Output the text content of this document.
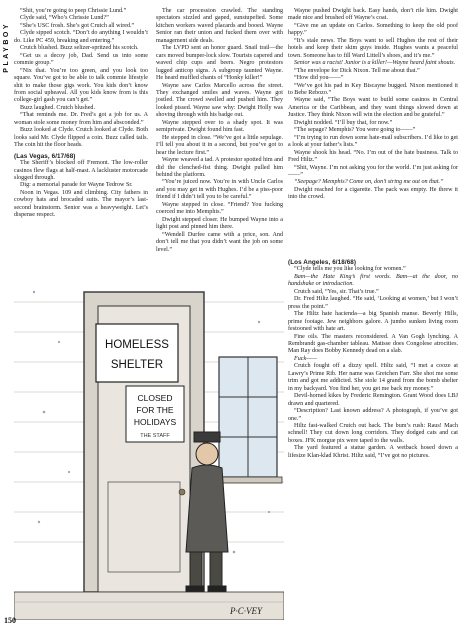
PLAYBOY

“Shit, you’re going to peep Chrissie Lund.”

Clyde said, “Who’s Chrissie Lund?”

“She’s USC frosh. She’s got Crutch all wired.”

Clyde sipped scotch. “Don’t do anything I wouldn’t do. Like PC 459, breaking and entering.”

Crutch blushed. Buzz seltzer-spritzed his scotch.

“Get us a decoy job, Dad. Send us into some commie group.”

“Nix that. You’re too green, and you look too square. You’ve got to be able to talk commie lifestyle shit to make those gigs work. You kids don’t know from social upheaval. All you kids know from is this college-girl gash you can’t get.”

Buzz laughed. Crutch blushed.

“That reminds me. Dr. Fred’s got a job for us. A woman stole some money from him and absconded.”

Buzz looked at Clyde. Crutch looked at Clyde. Both looks said Mr. Clyde flipped a coin. Buzz called tails. The coin hit the floor heads.

(Las Vegas, 6/17/68)

The Sheriff’s blocked off Fremont. The low-roller casinos flew flags at half-mast. A lackluster motorcade slogged through.

Dig: a memorial parade for Wayne Tedrow Sr.

Noon in Vegas. 109 and climbing. City fathers in cowboy hats and brocaded suits. The mayor’s last-second brainstorm. Senior was a heavyweight. Let’s dispense respect.

The car procession crawled. The standing spectators sizzled and gaped, sunstupefied. Some kitchen workers waved placards and booed. Wayne Senior ran their union and fucked them over with management side deals.

The LVPD sent an honor guard. Snail trail—the cars moved bumper-lock slow. Tourists capered and waved chip cups and beers. Negro protestors lugged anticop signs. A subgroup taunted Wayne. He heard muffled chants of “Honky killer!”

Wayne saw Carlos Marcello across the street. They exchanged smiles and waves. Wayne got jostled. The crowd swelled and pushed him. They looked pissed. Wayne saw why: Dwight Holly was shoving through with his badge out.

Wayne stepped over to a shady spot. It was semiprivate. Dwight found him fast.

He stepped in close. “We’ve got a little sepulage. I’ll tell you about it in a second, but you’ve got to hear the lecture first.”

Wayne weaved a tad. A protestor spotted him and did the clenched-fist thing. Dwight pulled him behind the platform.

“You’re juiced now. You’re in with Uncle Carlos and you may get in with Hughes. I’d be a piss-poor friend if I didn’t tell you to be careful.”

Wayne stepped in close. “Friend? You fucking coerced me into Memphis.”

Dwight stepped closer. He bumped Wayne into a light post and pinned him there.

“Wendell Durfee came with a price, son. And don’t tell me that you didn’t want the job on some level.”

Wayne pushed Dwight back. Easy hands, don’t rile him. Dwight made nice and brushed off Wayne’s coat.

“Give me an update on Carlos. Something to keep the old poof happy.”

“It’s stale news. The Boys want to sell Hughes the rest of their hotels and keep their skim guys inside. Hughes wants a peaceful town. Someone has to fill Ward Littell’s shoes, and it’s me.”

Senior was a racist! Junior is a killer!—Wayne heard faint shouts.

“The envelope for Dick Nixon. Tell me about that.”

“How did you——”

“We’ve got his pad in Key Biscayne bugged. Nixon mentioned it to Bebe Rebozo.”

Wayne said, “The Boys want to build some casinos in Central America or the Caribbean, and they want things slowed down at Justice. They think Nixon will win the election and be grateful.”

Dwight nodded. “I’ll buy that, for now.”

“The sepage? Memphis? You were going to——”

“I’m trying to run down some hate-mail subscribers. I’d like to get a look at your father’s lists.”

Wayne shook his head. “No. I’m out of the hate business. Talk to Fred Hiltz.”

“Shit, Wayne. I’m not asking you for the world. I’m just asking for——”

“Seepage? Memphis? Come on, don’t string me out on that.”

Dwight reached for a cigarette. The pack was empty. He threw it into the crowd.

(Los Angeles, 6/18/68)

“Clyde tells me you like looking for women.”

Bam—the Hate King’s first words. Bam—at the door, no handshake or introduction.

Crutch said, “Yes, sir. That’s true.”

Dr. Fred Hiltz laughed. “He said, ‘Looking at women,’ but I won’t press the point.”

The Hiltz hate hacienda—a big Spanish manse. Beverly Hills, prime footage. Jew neighbors galore. A jumbo sunken living room festooned with hate art.

Fine oils. The masters reconsidered. A Van Gogh lynching. A Rembrandt gas-chamber tableau. Matisse does Congolese atrocities. Man Ray does Bobby Kennedy dead on a slab.

Fuck——

Crutch fought off a dizzy spell. Hiltz said, “I met a cooze at Lawry’s Prime Rib. Her name was Gretchen Farr. She shot me some trim and got me addicted. She stole 14 grand from the bomb shelter in my backyard. You find her, you get me back my money.”

Devil-horned kikes by Frederic Remington. Grant Wood does LBJ drawn and quartered.

“Description? Last known address? A photograph, if you’ve got one.”

Hiltz fast-walked Crutch out back. The bum’s rush: Raus! Mach schnell! They cut down long corridors. They dodged cats and cat boxes. JFK morgue pix were taped to the walls.

The yard featured a statue garden. A wetback hosed down a lifesize Klan-klad Khrist. Hiltz said, “I’ve got no pictures.

HOMELESS
SHELTER
CLOSED
FOR THE
HOLIDAYS
THE STAFF
P·C·VEY
150
